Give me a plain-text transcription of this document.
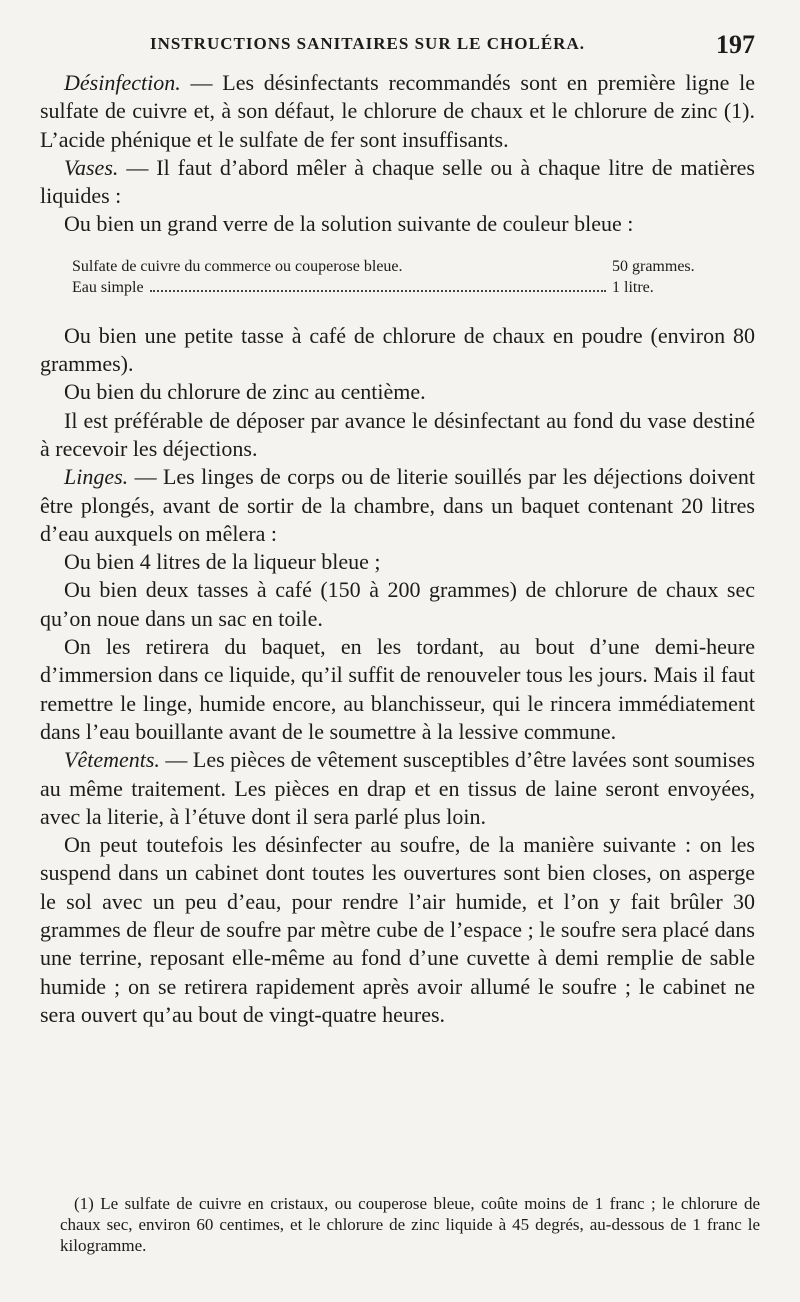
INSTRUCTIONS SANITAIRES SUR LE CHOLÉRA.	197

Désinfection. — Les désinfectants recommandés sont en première ligne le sulfate de cuivre et, à son défaut, le chlorure de chaux et le chlorure de zinc (1). L’acide phénique et le sulfate de fer sont insuffisants.

Vases. — Il faut d’abord mêler à chaque selle ou à chaque litre de matières liquides :

Ou bien un grand verre de la solution suivante de couleur bleue :

Sulfate de cuivre du commerce ou couperose bleue.	50 grammes.
Eau simple	1 litre.

Ou bien une petite tasse à café de chlorure de chaux en poudre (environ 80 grammes).

Ou bien du chlorure de zinc au centième.

Il est préférable de déposer par avance le désinfectant au fond du vase destiné à recevoir les déjections.

Linges. — Les linges de corps ou de literie souillés par les déjections doivent être plongés, avant de sortir de la chambre, dans un baquet contenant 20 litres d’eau auxquels on mêlera :

Ou bien 4 litres de la liqueur bleue ;

Ou bien deux tasses à café (150 à 200 grammes) de chlorure de chaux sec qu’on noue dans un sac en toile.

On les retirera du baquet, en les tordant, au bout d’une demi-heure d’immersion dans ce liquide, qu’il suffit de renouveler tous les jours. Mais il faut remettre le linge, humide encore, au blanchisseur, qui le rincera immédiatement dans l’eau bouillante avant de le soumettre à la lessive commune.

Vêtements. — Les pièces de vêtement susceptibles d’être lavées sont soumises au même traitement. Les pièces en drap et en tissus de laine seront envoyées, avec la literie, à l’étuve dont il sera parlé plus loin.

On peut toutefois les désinfecter au soufre, de la manière suivante : on les suspend dans un cabinet dont toutes les ouvertures sont bien closes, on asperge le sol avec un peu d’eau, pour rendre l’air humide, et l’on y fait brûler 30 grammes de fleur de soufre par mètre cube de l’espace ; le soufre sera placé dans une terrine, reposant elle-même au fond d’une cuvette à demi remplie de sable humide ; on se retirera rapidement après avoir allumé le soufre ; le cabinet ne sera ouvert qu’au bout de vingt-quatre heures.

(1) Le sulfate de cuivre en cristaux, ou couperose bleue, coûte moins de 1 franc ; le chlorure de chaux sec, environ 60 centimes, et le chlorure de zinc liquide à 45 degrés, au-dessous de 1 franc le kilogramme.
